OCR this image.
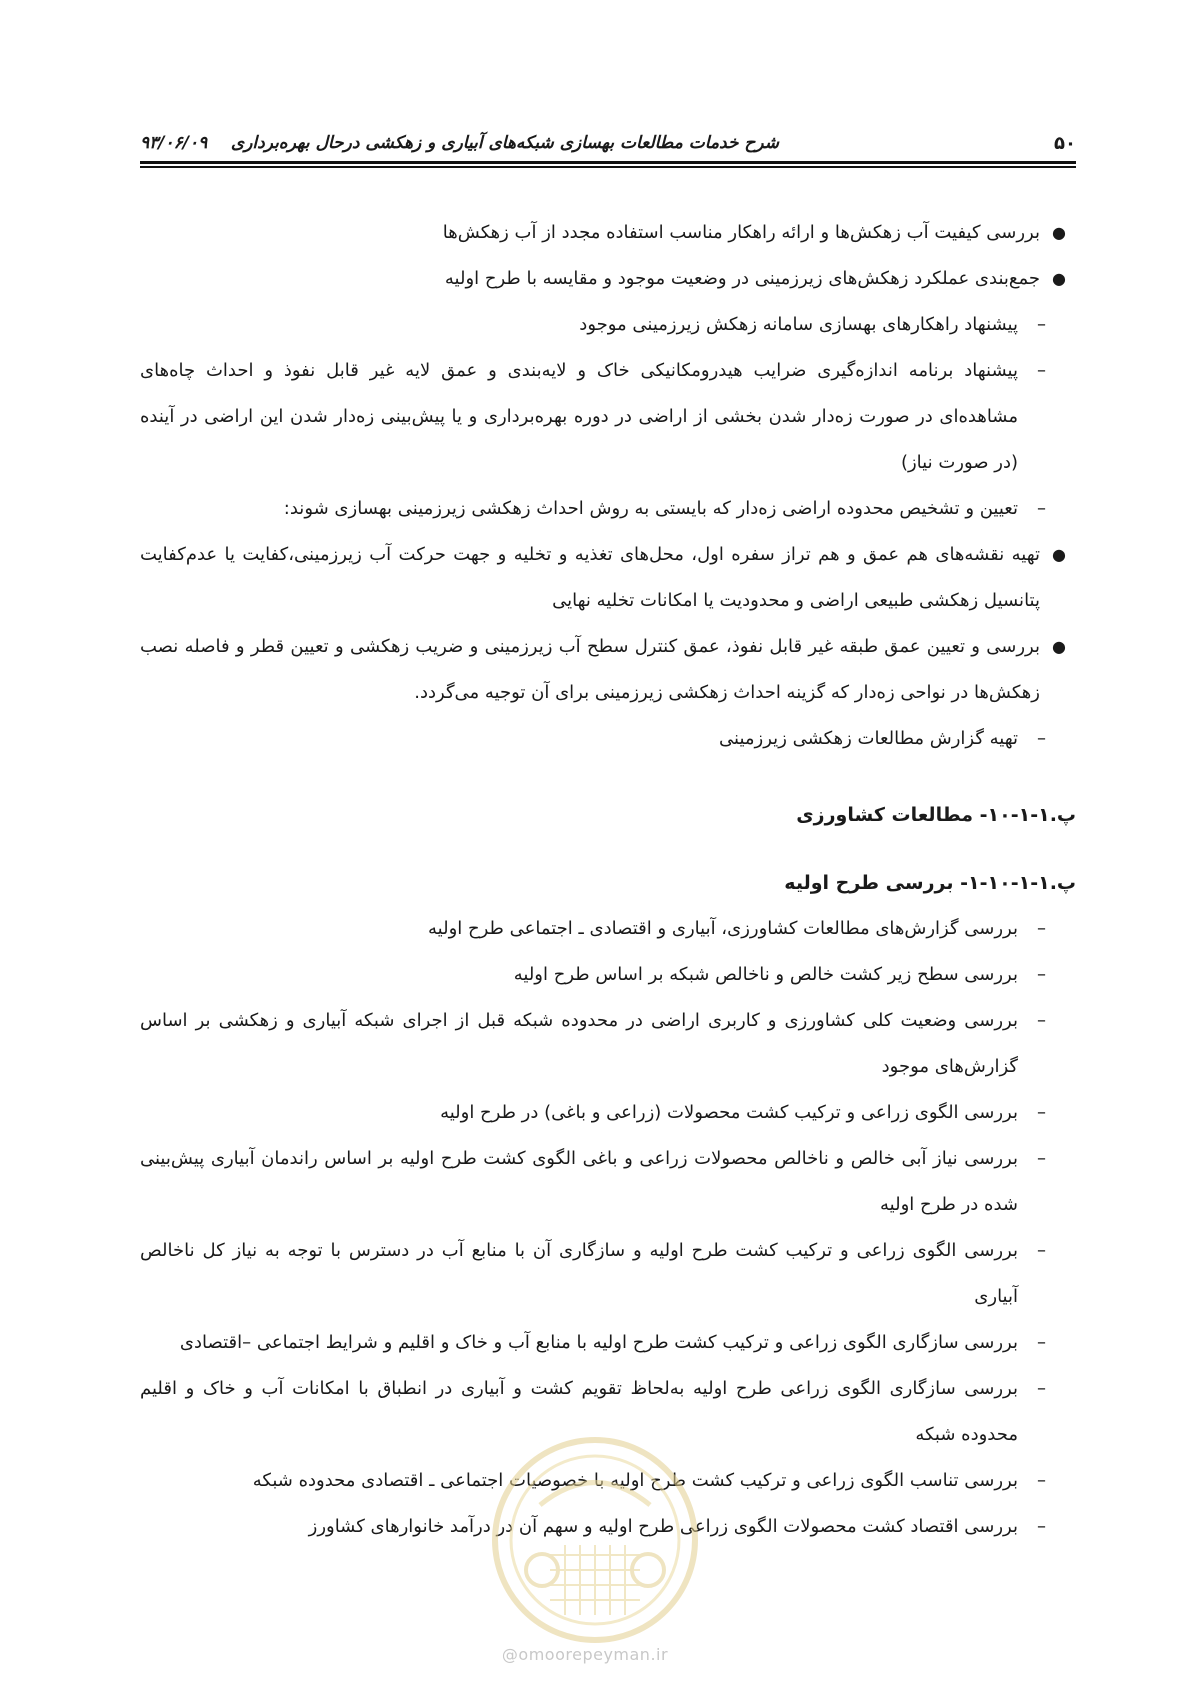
۵۰
شرح خدمات مطالعات بهسازی شبکه‌های آبیاری و زهکشی درحال بهره‌برداری    ۹۳/۰۶/۰۹
●
بررسی کیفیت آب زهکش‌ها و ارائه راهکار مناسب استفاده مجدد از آب زهکش‌ها
●
جمع‌بندی عملکرد زهکش‌های زیرزمینی در وضعیت موجود و مقایسه با طرح اولیه
–
پیشنهاد راهکارهای بهسازی سامانه زهکش زیرزمینی موجود
–
پیشنهاد برنامه اندازه‌گیری ضرایب هیدرومکانیکی خاک و لایه‌بندی و عمق لایه غیر قابل نفوذ و احداث چاه‌های مشاهده‌ای در صورت زه‌دار شدن بخشی از اراضی در دوره بهره‌برداری و یا پیش‌بینی زه‌دار شدن این اراضی در آینده (در صورت نیاز)
–
تعیین و تشخیص محدوده اراضی زه‌دار که بایستی به روش احداث زهکشی زیرزمینی بهسازی شوند:
●
تهیه نقشه‌های هم عمق و هم تراز سفره اول، محل‌های تغذیه و تخلیه و جهت حرکت آب زیرزمینی،کفایت یا عدم‌کفایت پتانسیل زهکشی طبیعی اراضی و محدودیت یا امکانات تخلیه نهایی
●
بررسی و تعیین عمق طبقه غیر قابل نفوذ، عمق کنترل سطح آب زیرزمینی و ضریب زهکشی و تعیین قطر و فاصله نصب زهکش‌ها در نواحی زه‌دار که گزینه احداث زهکشی زیرزمینی برای آن توجیه می‌گردد.
–
تهیه گزارش مطالعات زهکشی زیرزمینی
پ.۱-۱-۱۰- مطالعات کشاورزی
پ.۱-۱-۱۰-۱- بررسی طرح اولیه
–
بررسی گزارش‌های مطالعات کشاورزی، آبیاری و اقتصادی ـ اجتماعی طرح اولیه
–
بررسی سطح زیر کشت خالص و ناخالص شبکه بر اساس طرح اولیه
–
بررسی وضعیت کلی کشاورزی و کاربری اراضی در محدوده شبکه قبل از اجرای شبکه آبیاری و زهکشی بر اساس گزارش‌های موجود
–
بررسی الگوی زراعی و ترکیب کشت محصولات (زراعی و باغی) در طرح اولیه
–
بررسی نیاز آبی خالص و ناخالص محصولات زراعی و باغی الگوی کشت طرح اولیه بر اساس راندمان آبیاری پیش‌بینی شده در طرح اولیه
–
بررسی الگوی زراعی و ترکیب کشت طرح اولیه و سازگاری آن با منابع آب در دسترس با توجه به نیاز کل ناخالص آبیاری
–
بررسی سازگاری الگوی زراعی و ترکیب کشت طرح اولیه با منابع آب و خاک و اقلیم و شرایط اجتماعی –اقتصادی
–
بررسی سازگاری الگوی زراعی طرح اولیه به‌لحاظ تقویم کشت و آبیاری در انطباق با امکانات آب و خاک و اقلیم محدوده شبکه
–
بررسی تناسب الگوی زراعی و ترکیب کشت طرح اولیه با خصوصیات اجتماعی ـ اقتصادی محدوده شبکه
–
بررسی اقتصاد کشت محصولات الگوی زراعی طرح اولیه و سهم آن در درآمد خانوارهای کشاورز
@omoorepeyman.ir
